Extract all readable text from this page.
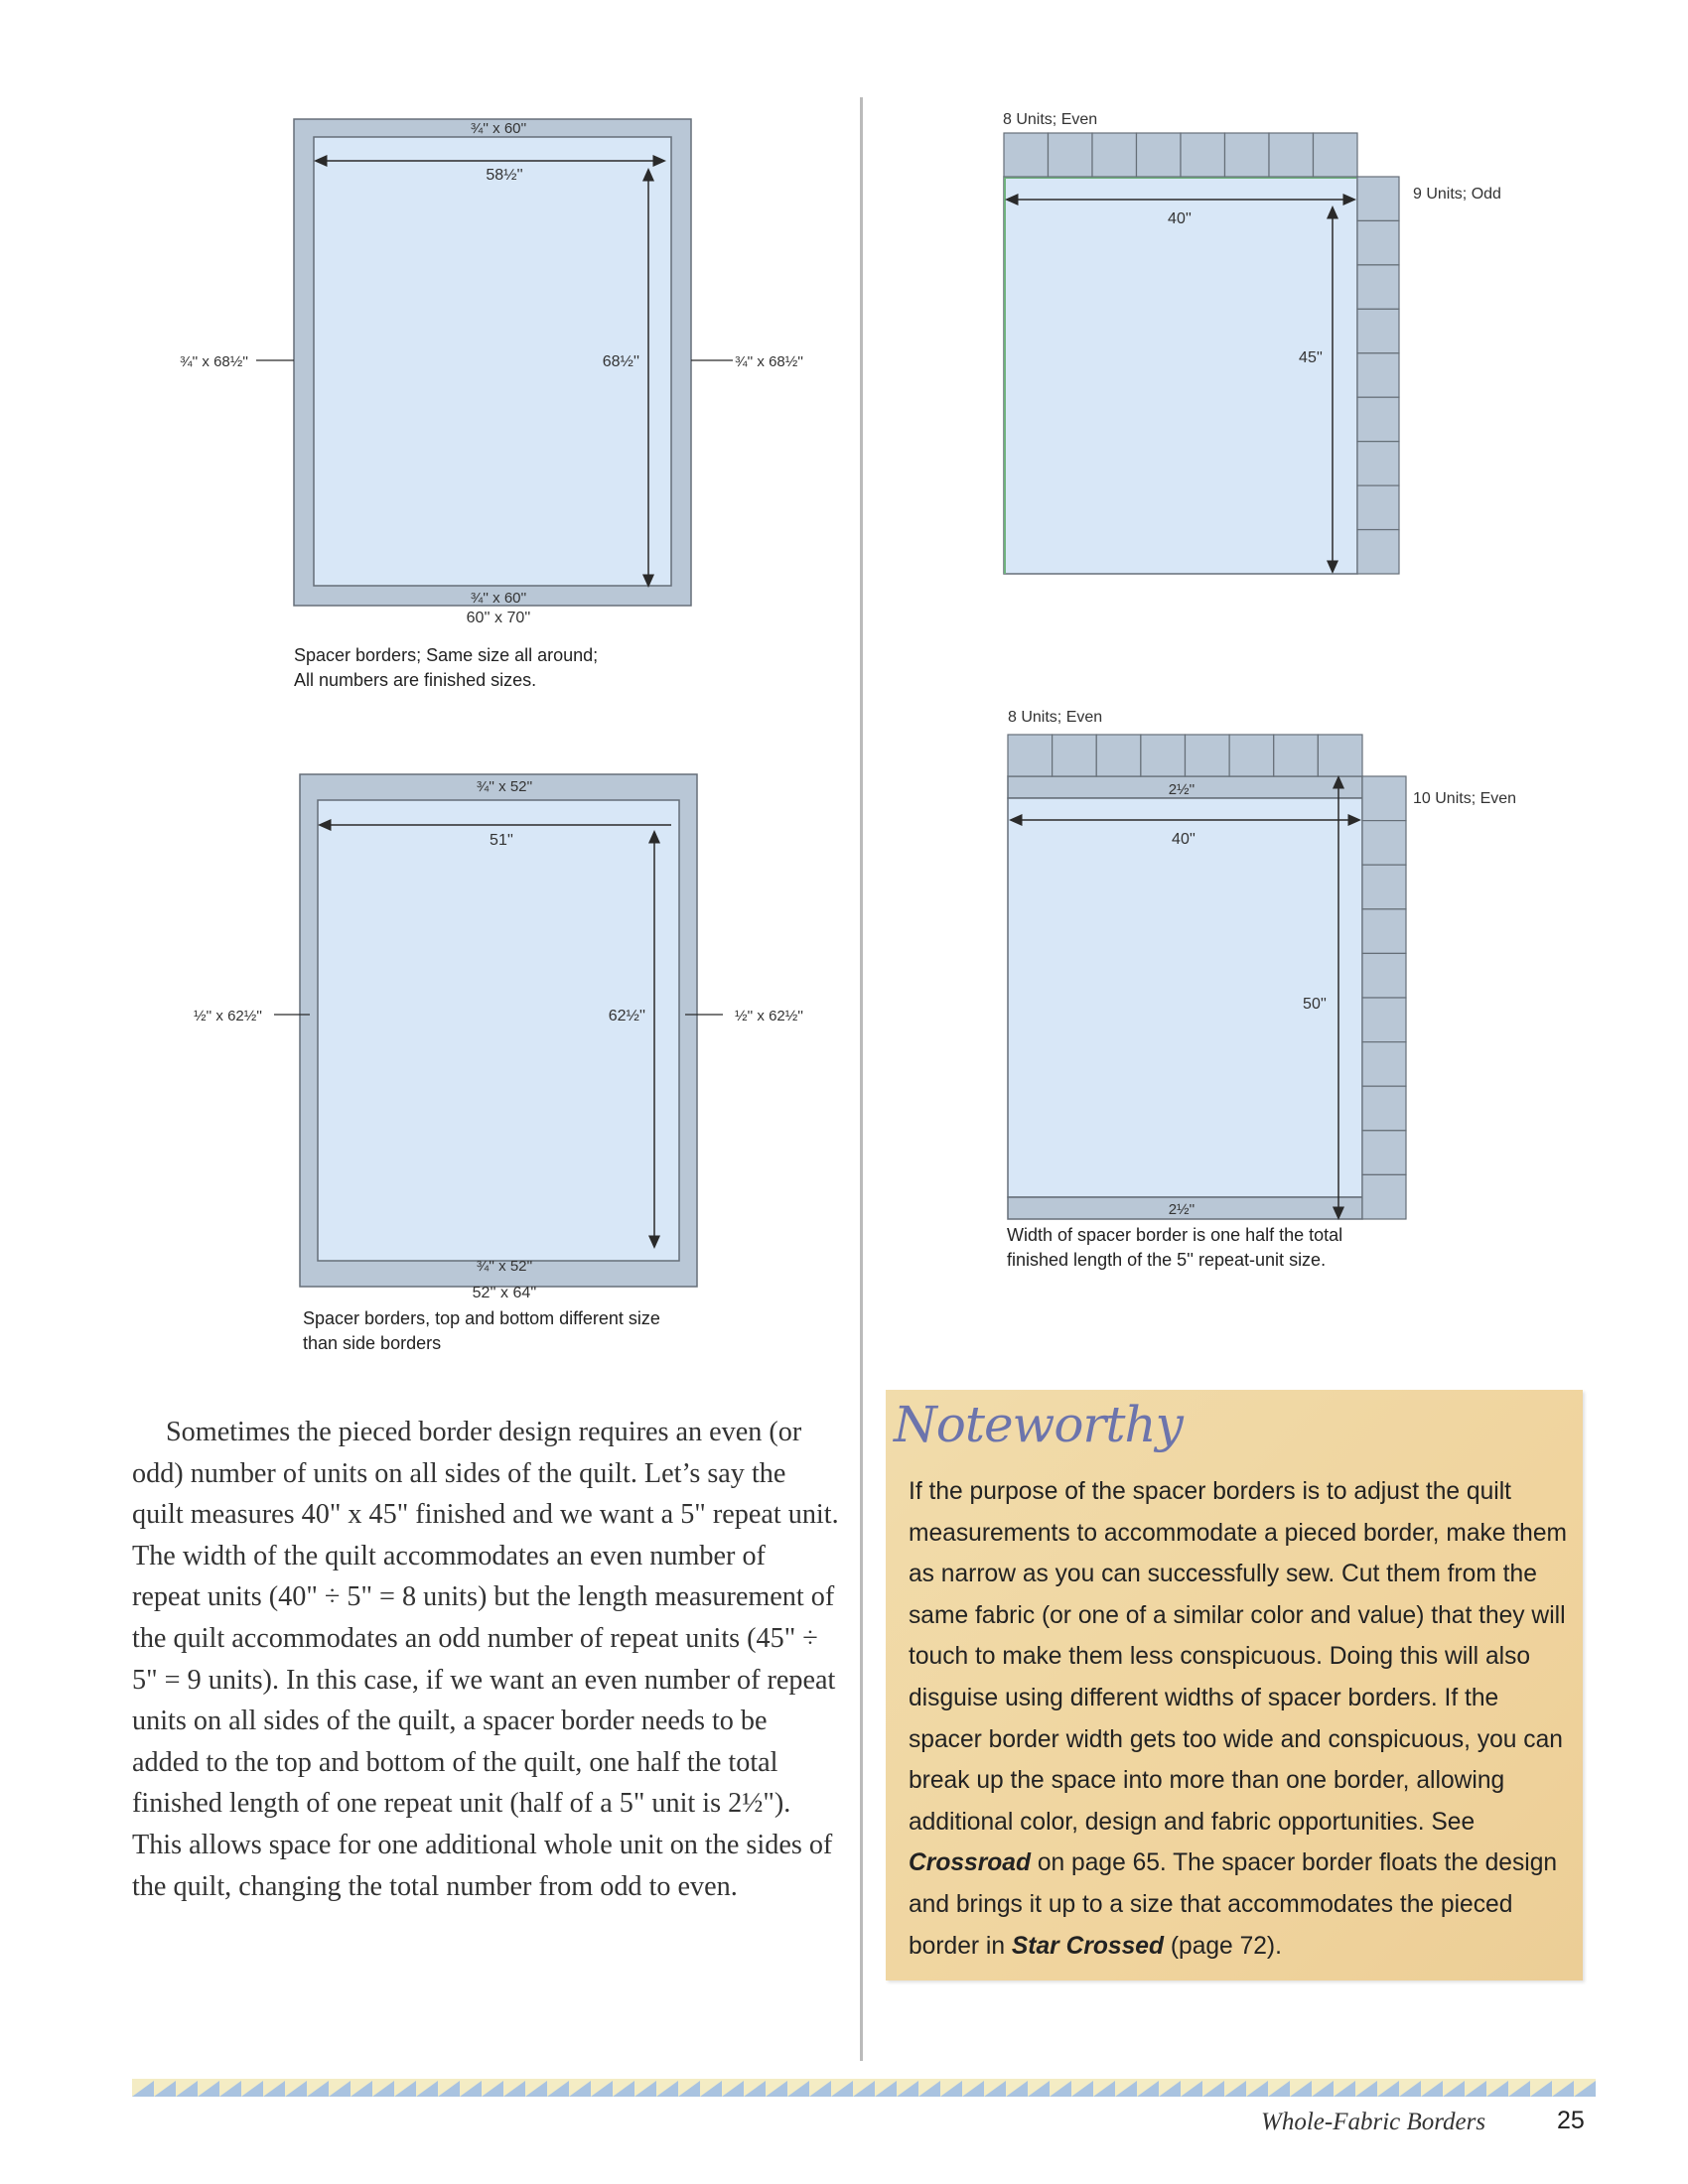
¾'' x 60''
58½''
68½''
¾'' x 68½''	¾'' x 68½''
¾'' x 60''
60'' x 70''
Spacer borders; Same size all around;
All numbers are finished sizes.
¾'' x 52''
51''
62½''
½'' x 62½''	½'' x 62½''
¾'' x 52''
52'' x 64''
Spacer borders, top and bottom different size
than side borders
8 Units; Even
9 Units; Odd
40''
45''
8 Units; Even
2½''
10 Units; Even
40''
50''
2½''
Width of spacer border is one half the total
finished length of the 5'' repeat-unit size.

Sometimes the pieced border design requires an even (or odd) number of units on all sides of the quilt. Let’s say the quilt measures 40" x 45" finished and we want a 5" repeat unit. The width of the quilt accommodates an even number of repeat units (40" ÷ 5" = 8 units) but the length measurement of the quilt accommodates an odd number of repeat units (45" ÷ 5" = 9 units). In this case, if we want an even number of repeat units on all sides of the quilt, a spacer border needs to be added to the top and bottom of the quilt, one half the total finished length of one repeat unit (half of a 5" unit is 2½"). This allows space for one additional whole unit on the sides of the quilt, changing the total number from odd to even.

Noteworthy

If the purpose of the spacer borders is to adjust the quilt measurements to accommodate a pieced border, make them as narrow as you can successfully sew. Cut them from the same fabric (or one of a similar color and value) that they will touch to make them less conspicuous. Doing this will also disguise using different widths of spacer borders. If the spacer border width gets too wide and conspicuous, you can break up the space into more than one border, allowing additional color, design and fabric opportunities. See Crossroad on page 65. The spacer border floats the design and brings it up to a size that accommodates the pieced border in Star Crossed (page 72).

Whole-Fabric Borders	25
